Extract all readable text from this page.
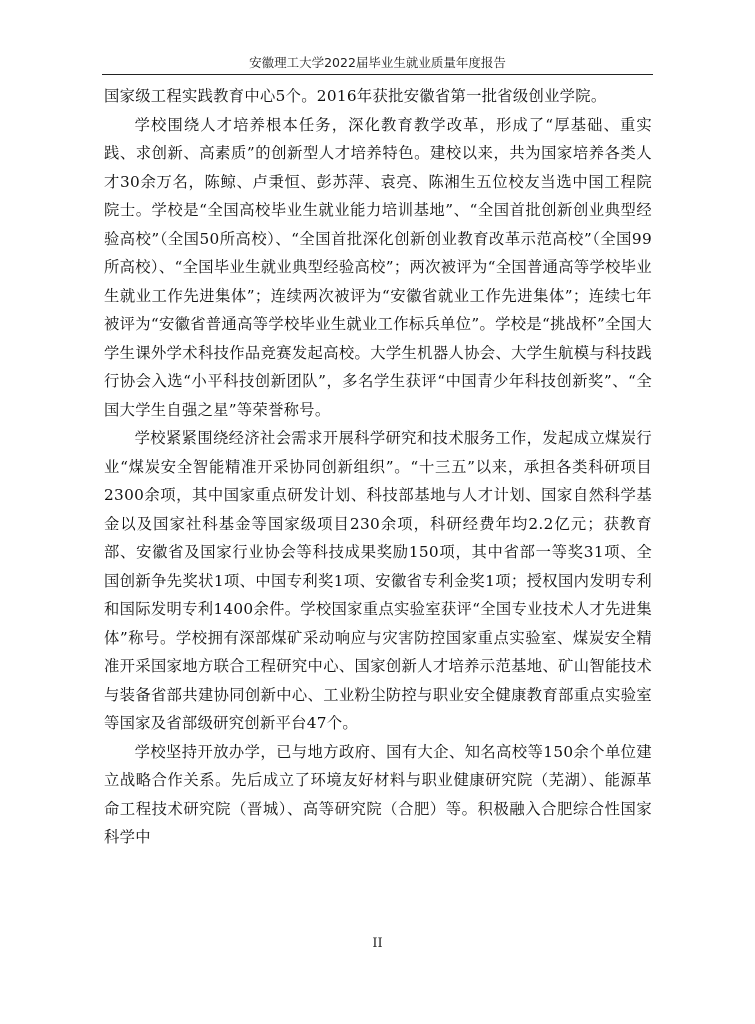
安徽理工大学2022届毕业生就业质量年度报告

国家级工程实践教育中心5个。2016年获批安徽省第一批省级创业学院。

学校围绕人才培养根本任务，深化教育教学改革，形成了“厚基础、重实践、求创新、高素质”的创新型人才培养特色。建校以来，共为国家培养各类人才30余万名，陈鲸、卢秉恒、彭苏萍、袁亮、陈湘生五位校友当选中国工程院院士。学校是“全国高校毕业生就业能力培训基地”、“全国首批创新创业典型经验高校”（全国50所高校）、“全国首批深化创新创业教育改革示范高校”（全国99所高校）、“全国毕业生就业典型经验高校”；两次被评为“全国普通高等学校毕业生就业工作先进集体”；连续两次被评为“安徽省就业工作先进集体”；连续七年被评为“安徽省普通高等学校毕业生就业工作标兵单位”。学校是“挑战杯”全国大学生课外学术科技作品竞赛发起高校。大学生机器人协会、大学生航模与科技践行协会入选“小平科技创新团队”，多名学生获评“中国青少年科技创新奖”、“全国大学生自强之星”等荣誉称号。

学校紧紧围绕经济社会需求开展科学研究和技术服务工作，发起成立煤炭行业“煤炭安全智能精准开采协同创新组织”。“十三五”以来，承担各类科研项目2300余项，其中国家重点研发计划、科技部基地与人才计划、国家自然科学基金以及国家社科基金等国家级项目230余项，科研经费年均2.2亿元；获教育部、安徽省及国家行业协会等科技成果奖励150项，其中省部一等奖31项、全国创新争先奖状1项、中国专利奖1项、安徽省专利金奖1项；授权国内发明专利和国际发明专利1400余件。学校国家重点实验室获评“全国专业技术人才先进集体”称号。学校拥有深部煤矿采动响应与灾害防控国家重点实验室、煤炭安全精准开采国家地方联合工程研究中心、国家创新人才培养示范基地、矿山智能技术与装备省部共建协同创新中心、工业粉尘防控与职业安全健康教育部重点实验室等国家及省部级研究创新平台47个。

学校坚持开放办学，已与地方政府、国有大企、知名高校等150余个单位建立战略合作关系。先后成立了环境友好材料与职业健康研究院（芜湖）、能源革命工程技术研究院（晋城）、高等研究院（合肥）等。积极融入合肥综合性国家科学中

II
